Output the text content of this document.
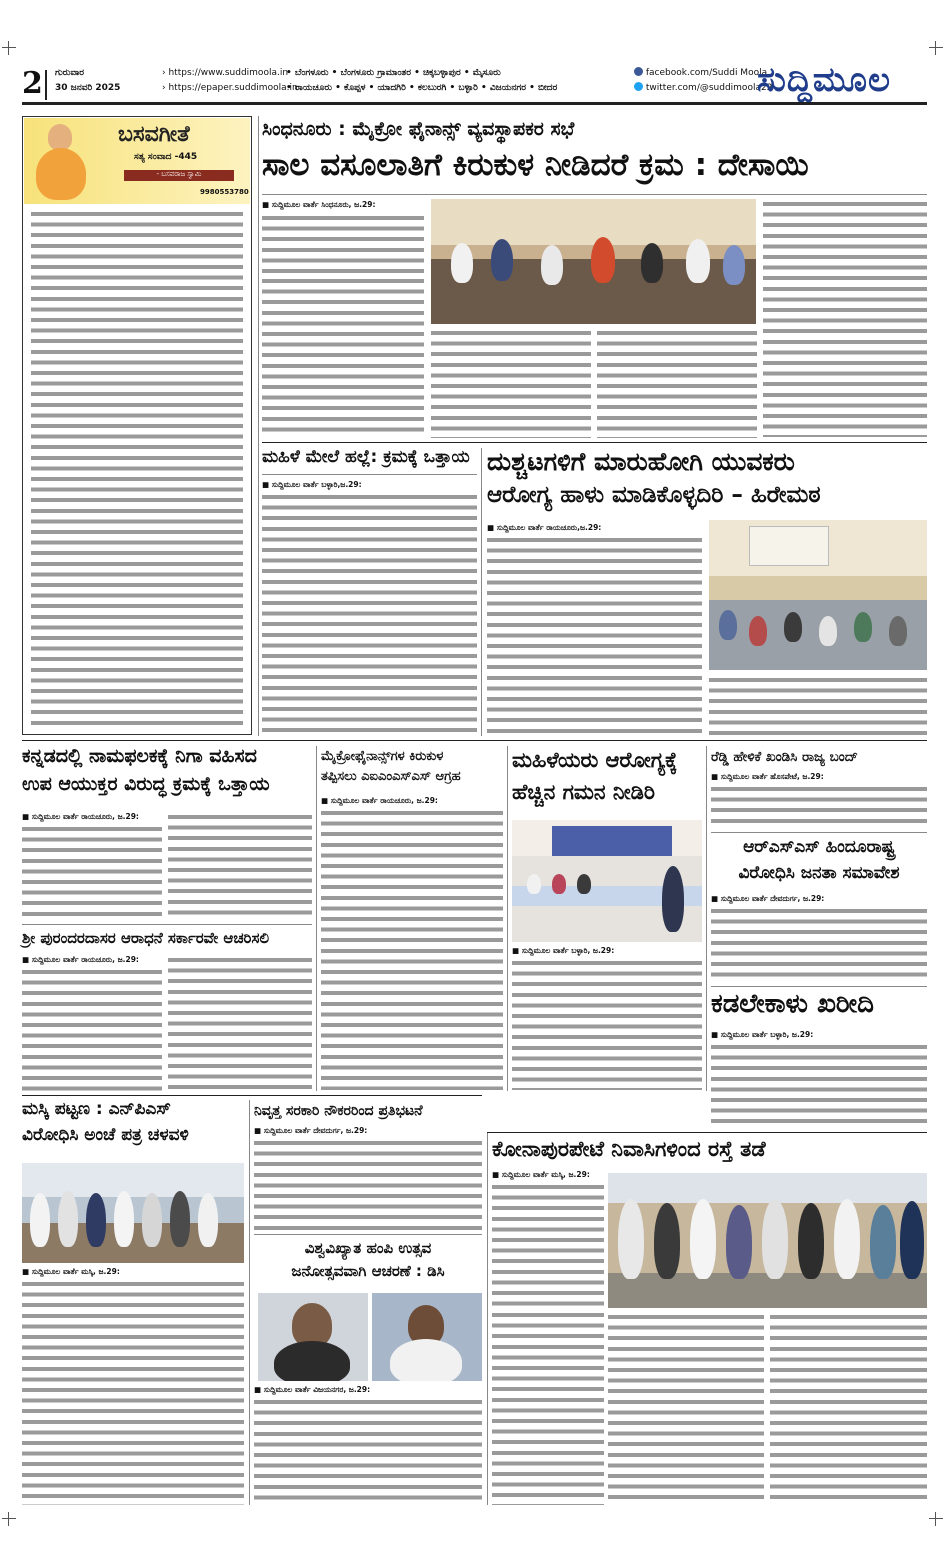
2 ಗುರುವಾರ
30 ಜನವರಿ 2025
› https://www.suddimoola.in
› https://epaper.suddimoola.in
• ಬೆಂಗಳೂರು • ಬೆಂಗಳೂರು ಗ್ರಾಮಾಂತರ • ಚಿಕ್ಕಬಳ್ಳಾಪುರ • ಮೈಸೂರು
• ರಾಯಚೂರು • ಕೊಪ್ಪಳ • ಯಾದಗಿರಿ • ಕಲಬುರಗಿ • ಬಳ್ಳಾರಿ • ವಿಜಯನಗರ • ಬೀದರ
facebook.com/Suddi Moola
twitter.com/@suddimoola22
ಸುದ್ದಿಮೂಲ
ಬಸವಗೀತೆ
ಸತ್ಯ ಸಂವಾದ -445
- ಬಸವರಾಜ ಸ್ವಾಮಿ
9980553780
ಸಿಂಧನೂರು : ಮೈಕ್ರೋ ಫೈನಾನ್ಸ್ ವ್ಯವಸ್ಥಾಪಕರ ಸಭೆ
ಸಾಲ ವಸೂಲಾತಿಗೆ ಕಿರುಕುಳ ನೀಡಿದರೆ ಕ್ರಮ : ದೇಸಾಯಿ
■ ಸುದ್ದಿಮೂಲ ವಾರ್ತೆ ಸಿಂಧನೂರು, ಜ.29:
ಮಹಿಳೆ ಮೇಲೆ ಹಲ್ಲೆ: ಕ್ರಮಕ್ಕೆ ಒತ್ತಾಯ
■ ಸುದ್ದಿಮೂಲ ವಾರ್ತೆ ಬಳ್ಳಾರಿ,ಜ.29:
ದುಶ್ಚಟಗಳಿಗೆ ಮಾರುಹೋಗಿ ಯುವಕರು
ಆರೋಗ್ಯ ಹಾಳು ಮಾಡಿಕೊಳ್ಳದಿರಿ – ಹಿರೇಮಠ
■ ಸುದ್ದಿಮೂಲ ವಾರ್ತೆ ರಾಯಚೂರು,ಜ.29:
ಕನ್ನಡದಲ್ಲಿ ನಾಮಫಲಕಕ್ಕೆ ನಿಗಾ ವಹಿಸದ
ಉಪ ಆಯುಕ್ತರ ವಿರುದ್ಧ ಕ್ರಮಕ್ಕೆ ಒತ್ತಾಯ
■ ಸುದ್ದಿಮೂಲ ವಾರ್ತೆ ರಾಯಚೂರು, ಜ.29:
ಶ್ರೀ ಪುರಂದರದಾಸರ ಆರಾಧನೆ ಸರ್ಕಾರವೇ ಆಚರಿಸಲಿ
■ ಸುದ್ದಿಮೂಲ ವಾರ್ತೆ ರಾಯಚೂರು, ಜ.29:
ಮೈಕ್ರೋಫೈನಾನ್ಸ್‌ಗಳ ಕಿರುಕುಳ
ತಪ್ಪಿಸಲು ಎಐಎಂಎಸ್‌ಎಸ್ ಆಗ್ರಹ
■ ಸುದ್ದಿಮೂಲ ವಾರ್ತೆ ರಾಯಚೂರು, ಜ.29:
ಮಹಿಳೆಯರು ಆರೋಗ್ಯಕ್ಕೆ
ಹೆಚ್ಚಿನ ಗಮನ ನೀಡಿರಿ
■ ಸುದ್ದಿಮೂಲ ವಾರ್ತೆ ಬಳ್ಳಾರಿ, ಜ.29:
ರೆಡ್ಡಿ ಹೇಳಿಕೆ ಖಂಡಿಸಿ ರಾಜ್ಯ ಬಂದ್
■ ಸುದ್ದಿಮೂಲ ವಾರ್ತೆ ಹೊಸಪೇಟೆ, ಜ.29:
ಆರ್‌ಎಸ್‌ಎಸ್ ಹಿಂದೂರಾಷ್ಟ್ರ
ವಿರೋಧಿಸಿ ಜನತಾ ಸಮಾವೇಶ
■ ಸುದ್ದಿಮೂಲ ವಾರ್ತೆ ದೇವದುರ್ಗ, ಜ.29:
ಕಡಲೇಕಾಳು ಖರೀದಿ
■ ಸುದ್ದಿಮೂಲ ವಾರ್ತೆ ಬಳ್ಳಾರಿ, ಜ.29:
ಮಸ್ಕಿ ಪಟ್ಟಣ : ಎನ್‌ಪಿಎಸ್
ವಿರೋಧಿಸಿ ಅಂಚೆ ಪತ್ರ ಚಳವಳಿ
■ ಸುದ್ದಿಮೂಲ ವಾರ್ತೆ ಮಸ್ಕಿ, ಜ.29:
ನಿವೃತ್ತ ಸರಕಾರಿ ನೌಕರರಿಂದ ಪ್ರತಿಭಟನೆ
■ ಸುದ್ದಿಮೂಲ ವಾರ್ತೆ ದೇವದುರ್ಗ, ಜ.29:
ವಿಶ್ವವಿಖ್ಯಾತ ಹಂಪಿ ಉತ್ಸವ
ಜನೋತ್ಸವವಾಗಿ ಆಚರಣೆ : ಡಿಸಿ
■ ಸುದ್ದಿಮೂಲ ವಾರ್ತೆ ವಿಜಯನಗರ, ಜ.29:
ಕೋನಾಪುರಪೇಟೆ ನಿವಾಸಿಗಳಿಂದ ರಸ್ತೆ ತಡೆ
■ ಸುದ್ದಿಮೂಲ ವಾರ್ತೆ ಮಸ್ಕಿ, ಜ.29:
